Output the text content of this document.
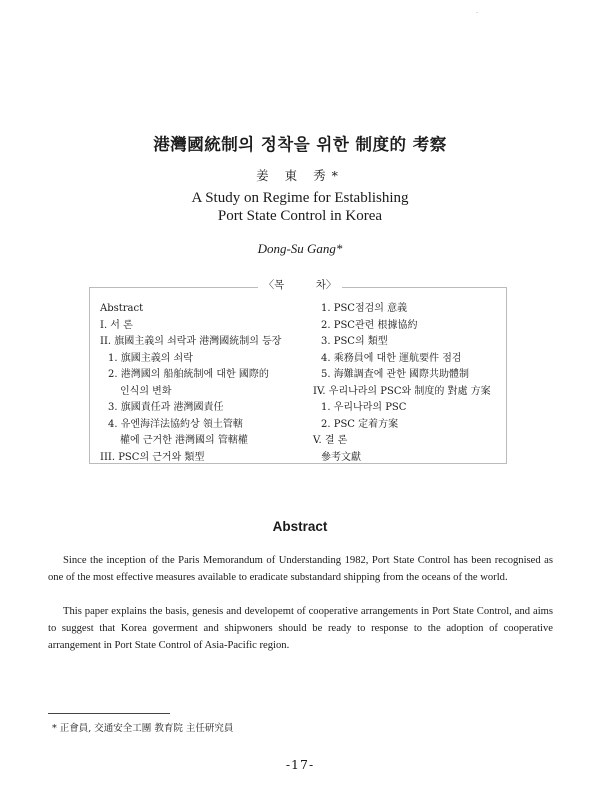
·
港灣國統制의 정착을 위한 制度的 考察
姜 東 秀*
A Study on Regime for Establishing
Port State Control in Korea
Dong-Su Gang*
〈목　　　차〉
Abstract
I. 서 론
II. 旗國主義의 쇠락과 港灣國統制의 등장
1. 旗國主義의 쇠락
2. 港灣國의 船舶統制에 대한 國際的
인식의 변화
3. 旗國責任과 港灣國責任
4. 유엔海洋法協約상 領土管轄
權에 근거한 港灣國의 管轄權
III. PSC의 근거와 類型
1. PSC점검의 意義
2. PSC관련 根據協約
3. PSC의 類型
4. 乘務員에 대한 運航要件 점검
5. 海難調査에 관한 國際共助體制
IV. 우리나라의 PSC와 制度的 對處 方案
1. 우리나라의 PSC
2. PSC 定着方案
V. 결 론
參考文獻
Abstract

Since the inception of the Paris Memorandum of Understanding 1982, Port State Control has been recognised as one of the most effective measures available to eradicate substandard shipping from the oceans of the world.

This paper explains the basis, genesis and developemt of cooperative arrangements in Port State Control, and aims to suggest that Korea goverment and shipwoners should be ready to response to the adoption of cooperative arrangement in Port State Control of Asia-Pacific region.

* 正會員, 交通安全工團 教育院 主任研究員
-17-
